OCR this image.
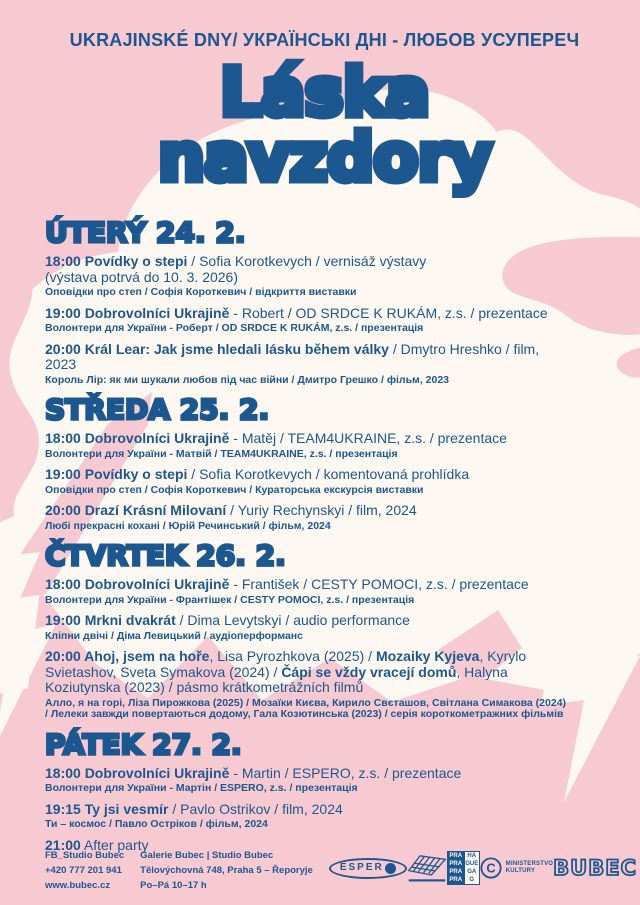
UKRAJINSKÉ DNY/ УКРАЇНСЬКІ ДНІ - ЛЮБОВ УСУПЕРЕЧ
Láska
navzdory
ÚTERÝ 24. 2.

18:00 Povídky o stepi / Sofia Korotkevych / vernisáž výstavy

(výstava potrvá do 10. 3. 2026)

Оповідки про степ / Софія Короткевич / відкриття виставки

19:00 Dobrovolníci Ukrajině - Robert / OD SRDCE K RUKÁM, z.s. / prezentace

Волонтери для України - Роберт / OD SRDCE K RUKÁM, z.s. / презентація

20:00 Král Lear: Jak jsme hledali lásku během války / Dmytro Hreshko / film, 2023

Король Лір: як ми шукали любов під час війни / Дмитро Грешко / фільм, 2023

STŘEDA 25. 2.

18:00 Dobrovolníci Ukrajině - Matěj / TEAM4UKRAINE, z.s. / prezentace

Волонтери для України - Матвій / TEAM4UKRAINE, z.s. / презентація

19:00 Povídky o stepi / Sofia Korotkevych / komentovaná prohlídka

Оповідки про степ / Софія Короткевич / Кураторська екскурсія виставки

20:00 Drazí Krásní Milovaní / Yuriy Rechynskyi / film, 2024

Любі прекрасні кохані / Юрій Речинський / фільм, 2024

ČTVRTEK 26. 2.

18:00 Dobrovolníci Ukrajině - František / CESTY POMOCI, z.s. / prezentace

Волонтери для України - Франтішек / CESTY POMOCI, z.s. / презентація

19:00 Mrkni dvakrát / Dima Levytskyi / audio performance

Кліпни двічі / Діма Левицький / аудіоперформанс

20:00 Ahoj, jsem na hoře, Lisa Pyrozhkova (2025) / Mozaiky Kyjeva, Kyrylo Svietashov, Sveta Symakova (2024) / Čápi se vždy vracejí domů, Halyna Koziutynska (2023) / pásmo krátkometrážních filmů

Алло, я на горі, Ліза Пирожкова (2025) / Мозаїки Києва, Кирило Свєташов, Світлана Симакова (2024) / Лелеки завжди повертаються додому, Гала Козютинська (2023) / серія короткометражних фільмів

PÁTEK 27. 2.

18:00 Dobrovolníci Ukrajině - Martin / ESPERO, z.s. / prezentace

Волонтери для України - Мартін / ESPERO, z.s. / презентація

19:15 Ty jsi vesmír / Pavlo Ostrikov / film, 2024

Ти – космос / Павло Остріков / фільм, 2024

21:00 After party

FB_Studio Bubec
+420 777 201 941
www.bubec.cz
Galerie Bubec | Studio Bubec
Tělovýchovná 748, Praha 5 – Řeporyje
Po–Pá 10–17 h
ESPER
PRA HA
PRA GUE
PRA GA
PRA	G
C MINISTERSTVO
KULTURY BUBEC
